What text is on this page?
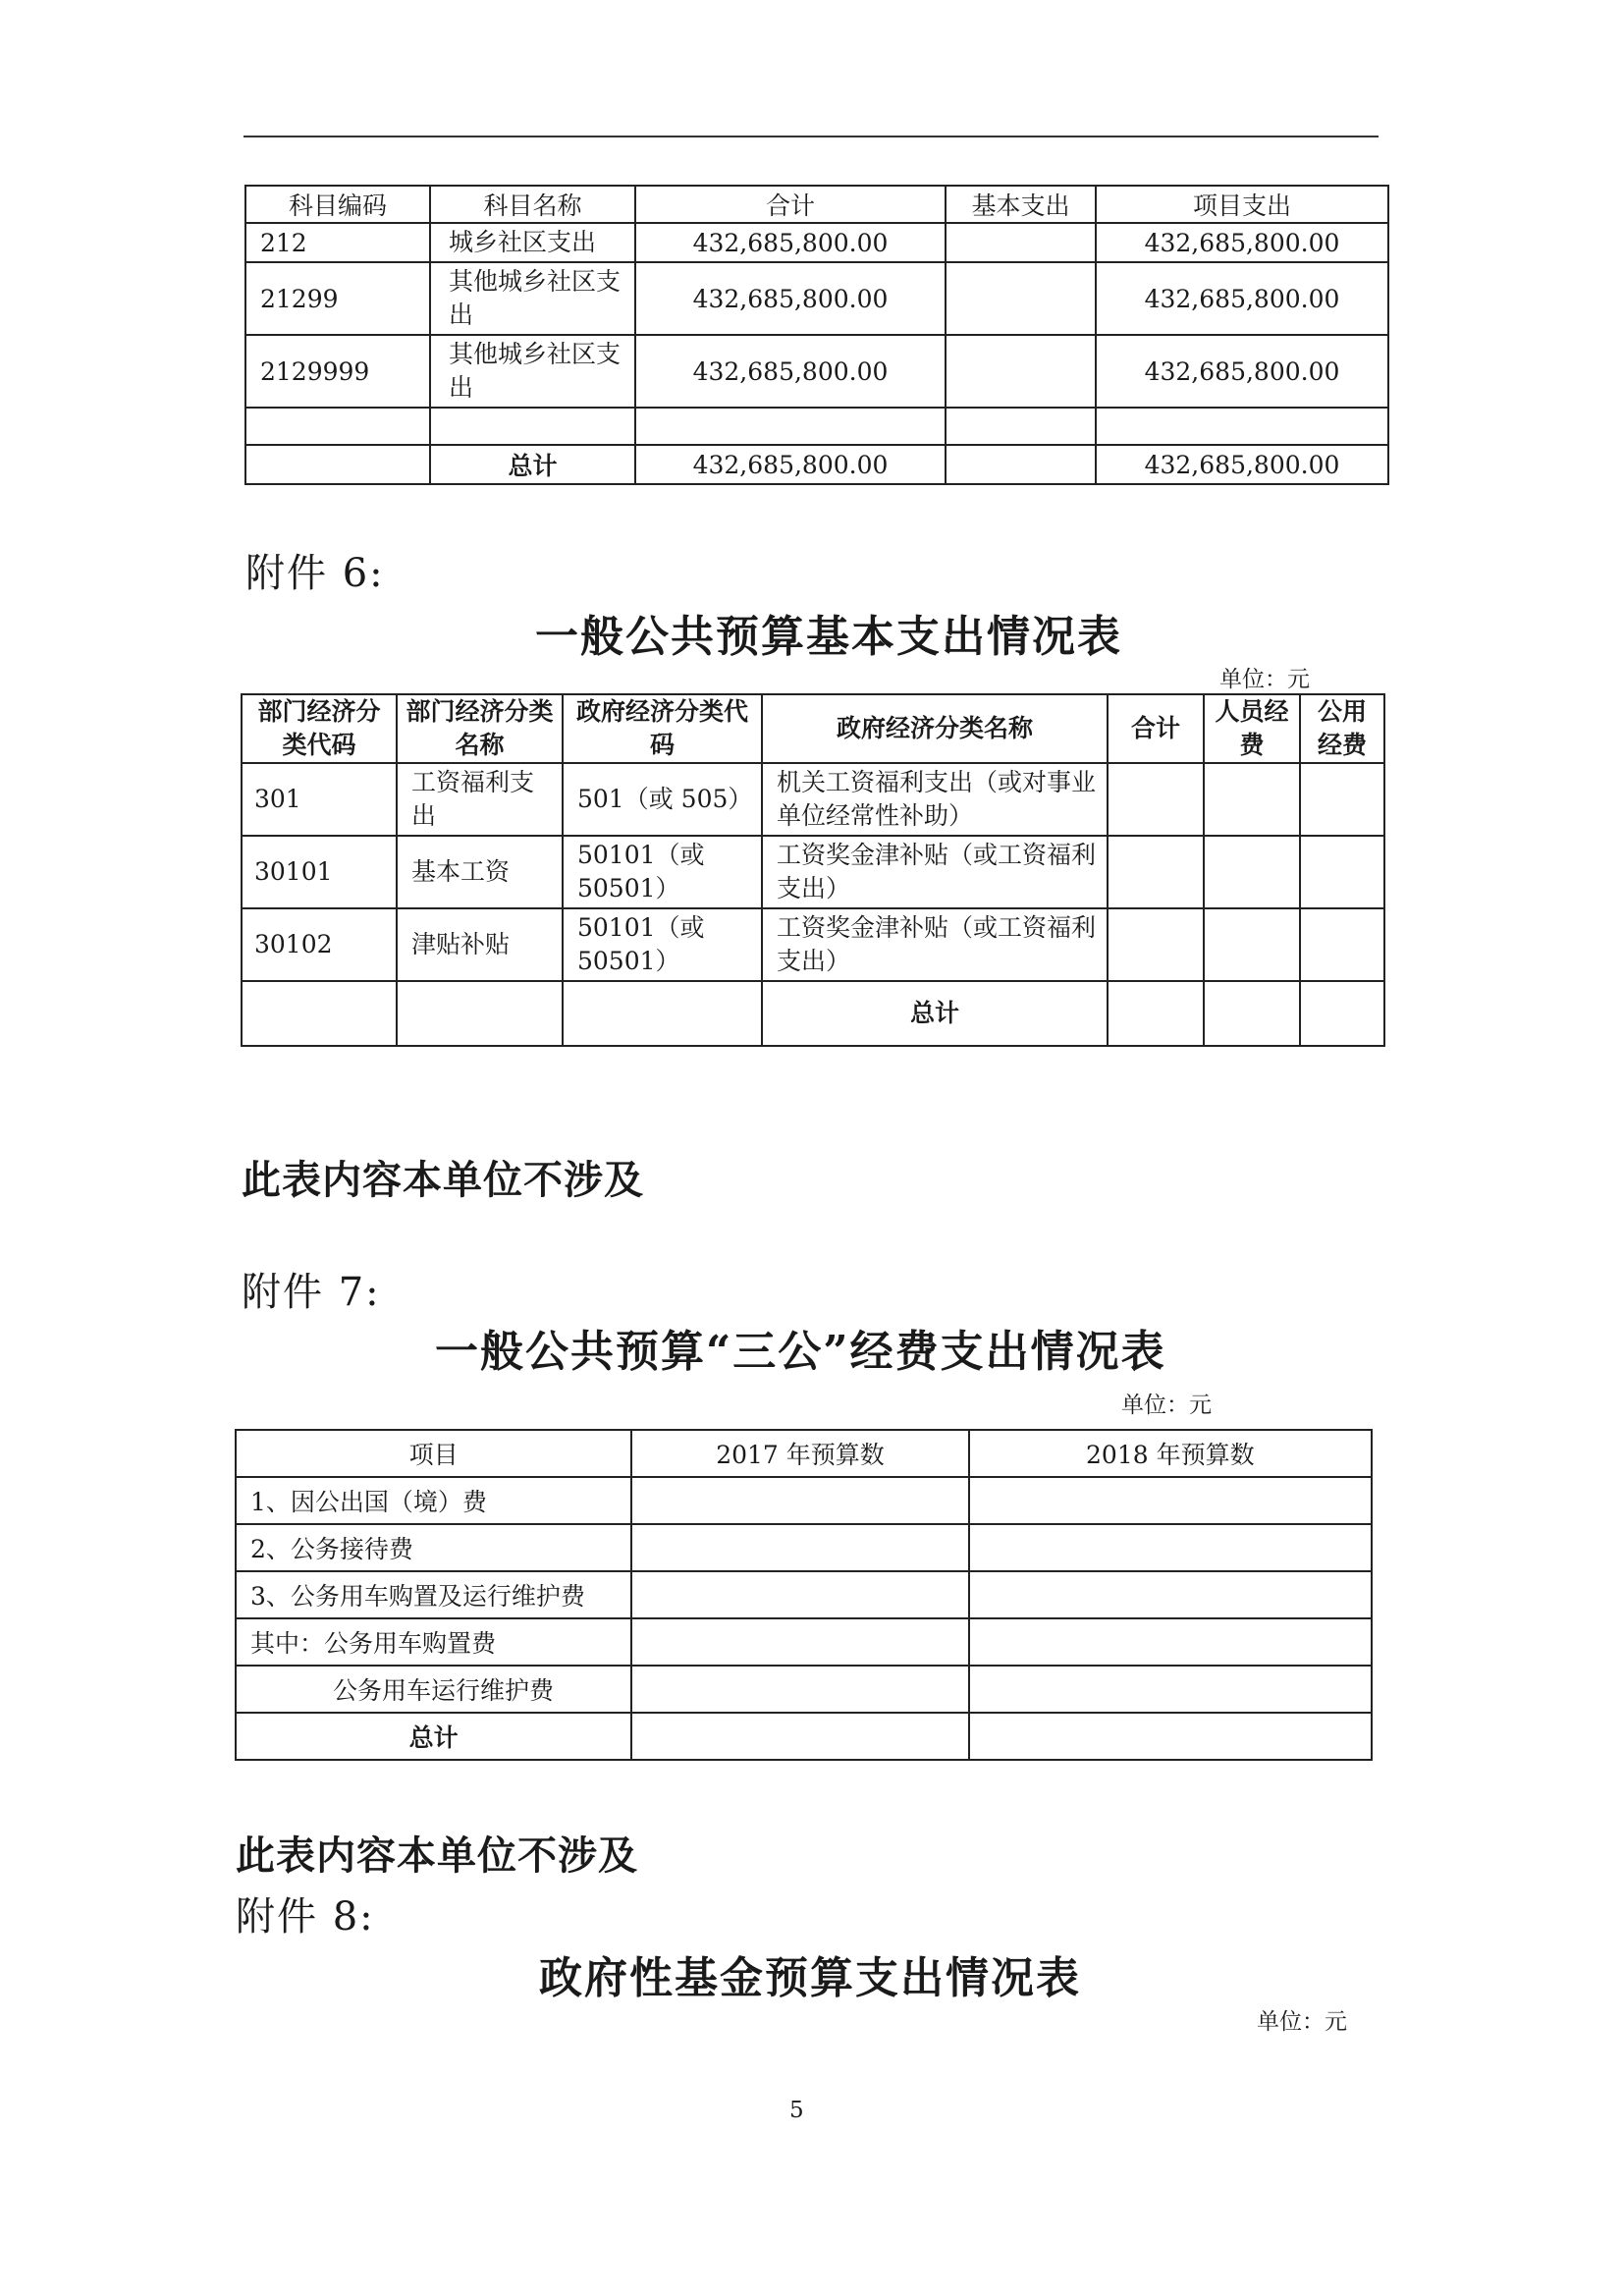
科目编码	科目名称	合计	基本支出	项目支出
212	城乡社区支出	432,685,800.00		432,685,800.00
21299	其他城乡社区支出	432,685,800.00		432,685,800.00
2129999	其他城乡社区支出	432,685,800.00		432,685,800.00

	总计	432,685,800.00		432,685,800.00
附件 6:
一般公共预算基本支出情况表
单位：元
部门经济分类代码	部门经济分类名称	政府经济分类代码	政府经济分类名称	合计	人员经费	公用经费
301	工资福利支出	501（或 505）	机关工资福利支出（或对事业单位经常性补助）			
30101	基本工资	50101（或 50501）	工资奖金津补贴（或工资福利支出）			
30102	津贴补贴	50101（或 50501）	工资奖金津补贴（或工资福利支出）			
			总计			
此表内容本单位不涉及
附件 7:
一般公共预算“三公”经费支出情况表
单位：元
项目	2017 年预算数	2018 年预算数
1、因公出国（境）费		
2、公务接待费		
3、公务用车购置及运行维护费		
其中：公务用车购置费		
公务用车运行维护费		
总计		
此表内容本单位不涉及
附件 8:
政府性基金预算支出情况表
单位：元
5
